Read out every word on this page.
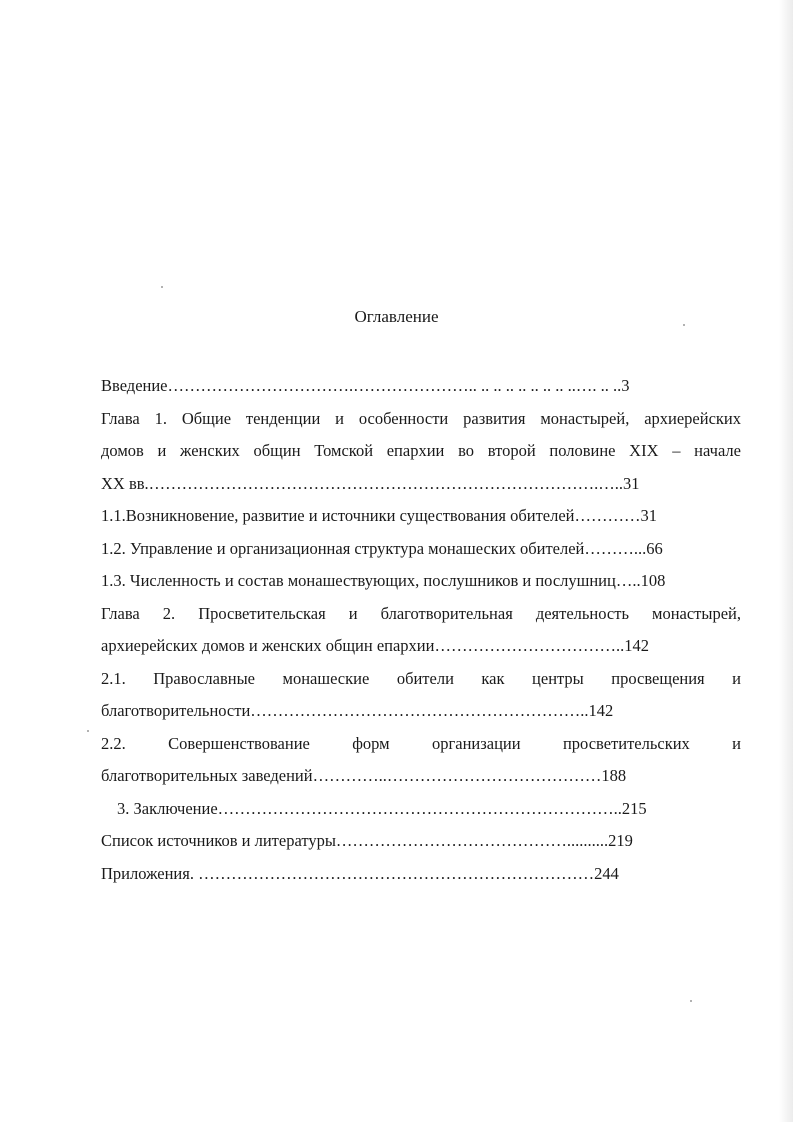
Оглавление
Введение…………………………….………………….. .. .. .. .. .. .. .. ..…. .. ..3
Глава 1. Общие тенденции и особенности развития монастырей, архиерейских
домов и женских общин Томской епархии во второй половине XIX – начале
XX вв.……………………………………………………………………….…..31
1.1.Возникновение, развитие и источники существования обителей…………31
1.2. Управление и организационная структура монашеских обителей………...66
1.3. Численность и состав монашествующих, послушников и послушниц…..108
Глава 2. Просветительская и благотворительная деятельность монастырей,
архиерейских домов и женских общин епархии……………………………..142
2.1. Православные монашеские обители как центры просвещения и
благотворительности……………………………………………………..142
2.2. Совершенствование форм организации просветительских и
благотворительных заведений…………..…………………………………188
3. Заключение………………………………………………………………..215
Список источников и литературы……………………………………..........219
Приложения. ………………………………………………………………244
